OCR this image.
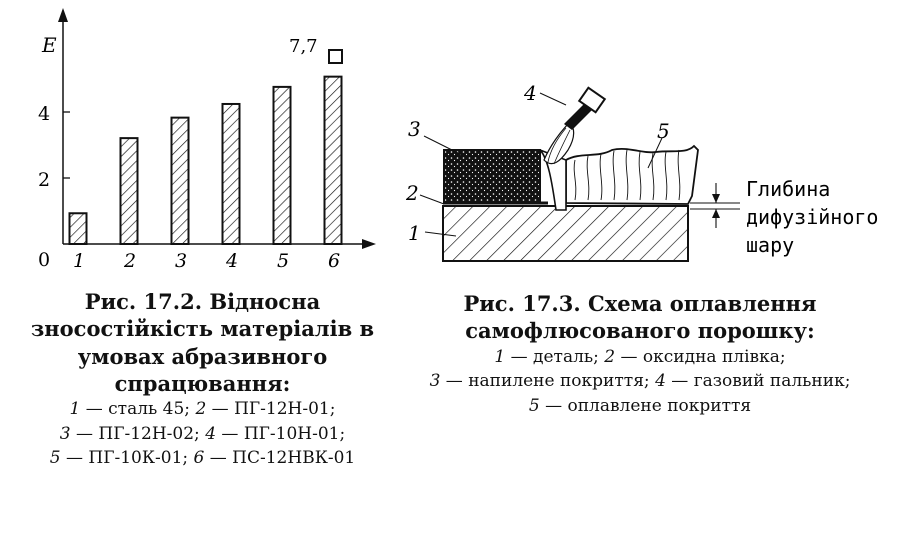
0
2
4
E
1 2 3 4 5 6
7,7
Рис. 17.2. Відносна зносостійкість матеріалів в умовах абразивного спрацювання:
1 — сталь 45; 2 — ПГ-12Н-01;
3 — ПГ-12Н-02; 4 — ПГ-10Н-01;
5 — ПГ-10К-01; 6 — ПС-12НВК-01
3
2
1
4
5
Глибина
дифузійного
шару
Рис. 17.3. Схема оплавлення самофлюсованого порошку:
1 — деталь; 2 — оксидна плівка;
3 — напилене покриття; 4 — газовий пальник;
5 — оплавлене покриття
